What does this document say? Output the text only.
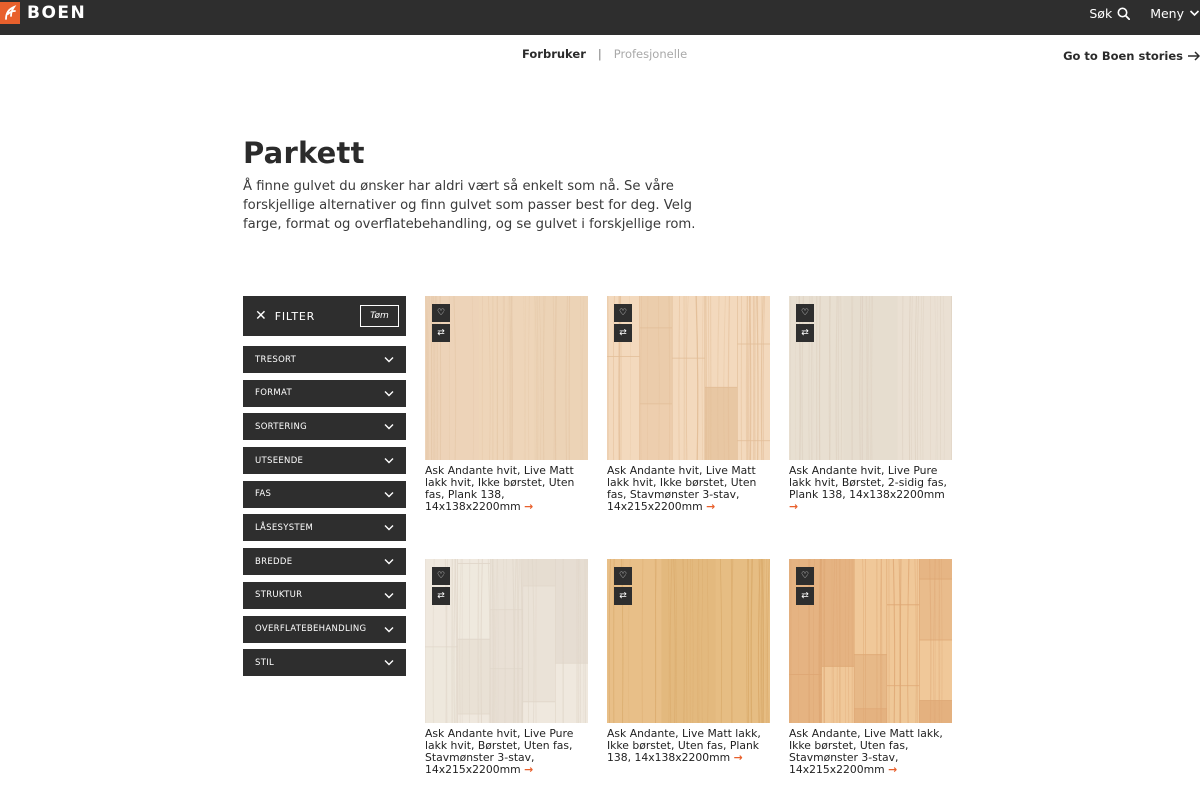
BOEN	Søk	Meny
Forbruker | Profesjonelle	Go to Boen stories
Parkett

Å finne gulvet du ønsker har aldri vært så enkelt som nå. Se våre forskjellige alternativer og finn gulvet som passer best for deg. Velg farge, format og overflatebehandling, og se gulvet i forskjellige rom.

✕ FILTER	Tøm
TRESORT
FORMAT
SORTERING
UTSEENDE
FAS
LÅSESYSTEM
BREDDE
STRUKTUR
OVERFLATEBEHANDLING
STIL
♡
⇄
Ask Andante hvit, Live Matt lakk hvit, Ikke børstet, Uten fas, Plank 138, 14x138x2200mm →
♡
⇄
Ask Andante hvit, Live Matt lakk hvit, Ikke børstet, Uten fas, Stavmønster 3-stav, 14x215x2200mm →
♡
⇄
Ask Andante hvit, Live Pure lakk hvit, Børstet, 2-sidig fas, Plank 138, 14x138x2200mm →
♡
⇄
Ask Andante hvit, Live Pure lakk hvit, Børstet, Uten fas, Stavmønster 3-stav, 14x215x2200mm →
♡
⇄
Ask Andante, Live Matt lakk, Ikke børstet, Uten fas, Plank 138, 14x138x2200mm →
♡
⇄
Ask Andante, Live Matt lakk, Ikke børstet, Uten fas, Stavmønster 3-stav, 14x215x2200mm →
